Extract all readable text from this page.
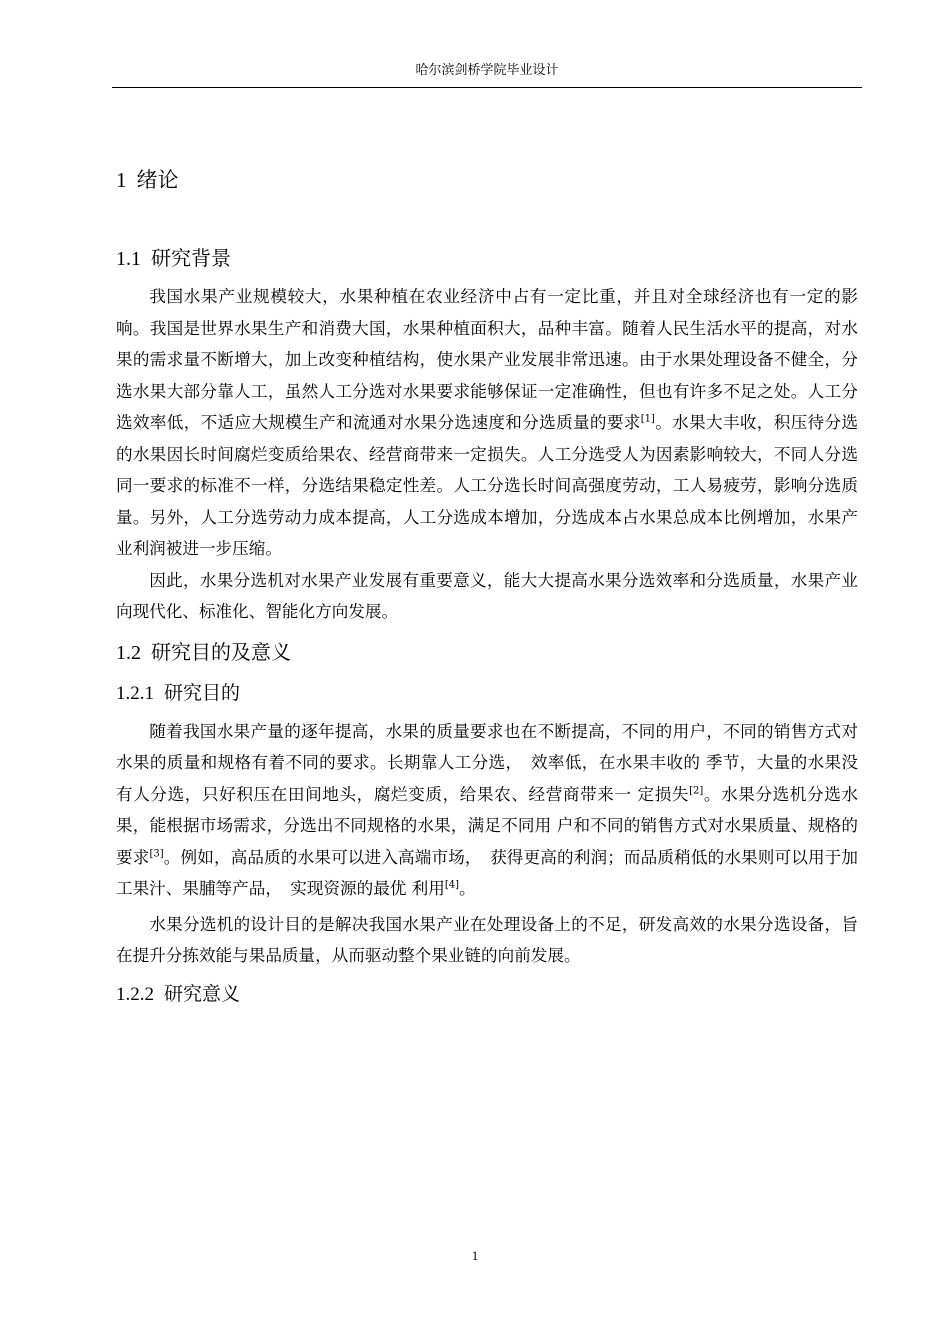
哈尔滨剑桥学院毕业设计
1 绪论
1.1 研究背景

我国水果产业规模较大，水果种植在农业经济中占有一定比重，并且对全球经济也有一定的影响。我国是世界水果生产和消费大国，水果种植面积大，品种丰富。随着人民生活水平的提高，对水果的需求量不断增大，加上改变种植结构，使水果产业发展非常迅速。由于水果处理设备不健全，分选水果大部分靠人工，虽然人工分选对水果要求能够保证一定准确性，但也有许多不足之处。人工分选效率低，不适应大规模生产和流通对水果分选速度和分选质量的要求[1]。水果大丰收，积压待分选的水果因长时间腐烂变质给果农、经营商带来一定损失。人工分选受人为因素影响较大，不同人分选同一要求的标准不一样，分选结果稳定性差。人工分选长时间高强度劳动，工人易疲劳，影响分选质量。另外，人工分选劳动力成本提高，人工分选成本增加，分选成本占水果总成本比例增加，水果产业利润被进一步压缩。

因此，水果分选机对水果产业发展有重要意义，能大大提高水果分选效率和分选质量，水果产业向现代化、标准化、智能化方向发展。

1.2 研究目的及意义
1.2.1 研究目的

随着我国水果产量的逐年提高，水果的质量要求也在不断提高，不同的用户，不同的销售方式对水果的质量和规格有着不同的要求。长期靠人工分选，　效率低，在水果丰收的 季节，大量的水果没有人分选，只好积压在田间地头，腐烂变质，给果农、经营商带来一 定损失[2]。水果分选机分选水果，能根据市场需求，分选出不同规格的水果，满足不同用 户和不同的销售方式对水果质量、规格的要求[3]。例如，高品质的水果可以进入高端市场，　获得更高的利润；而品质稍低的水果则可以用于加工果汁、果脯等产品，　实现资源的最优 利用[4]。

水果分选机的设计目的是解决我国水果产业在处理设备上的不足，研发高效的水果分选设备，旨在提升分拣效能与果品质量，从而驱动整个果业链的向前发展。

1.2.2 研究意义
1
